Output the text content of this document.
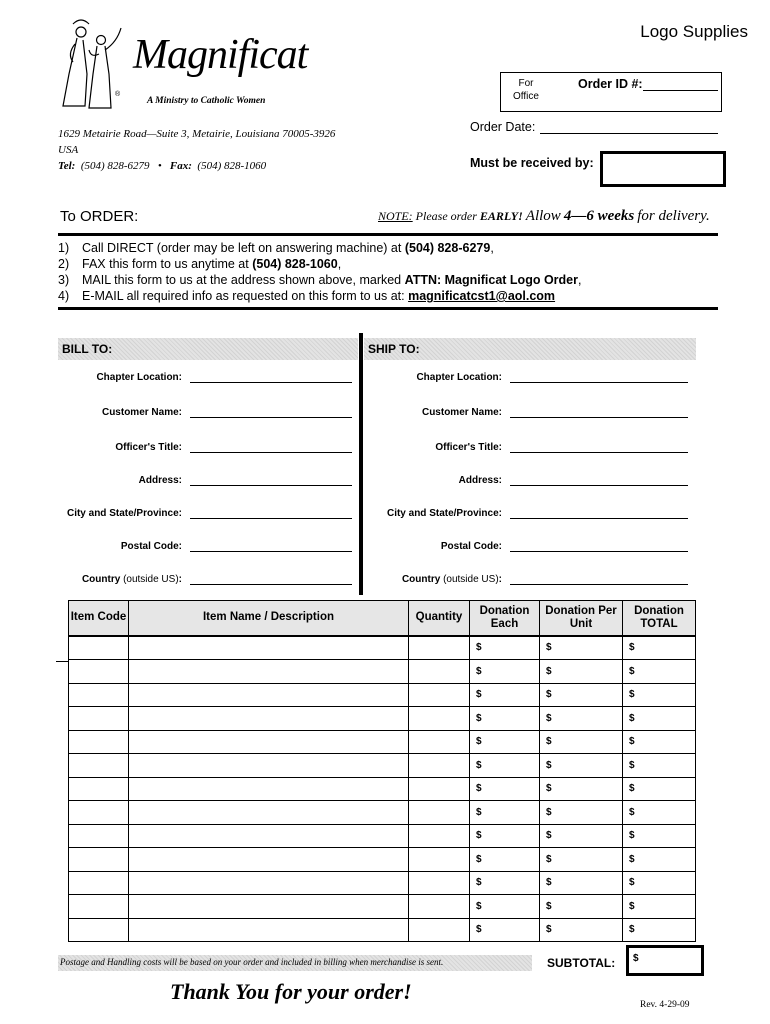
®
Magnificat
A Ministry to Catholic Women
Logo Supplies
For Office
Order ID #:
1629 Metairie Road—Suite 3, Metairie, Louisiana 70005-3926
USA
Tel: (504) 828-6279 • Fax: (504) 828-1060
Order Date:
Must be received by:
To ORDER:	NOTE: Please order EARLY! Allow 4—6 weeks for delivery.
1) Call DIRECT (order may be left on answering machine) at (504) 828-6279,
2) FAX this form to us anytime at (504) 828-1060,
3) MAIL this form to us at the address shown above, marked ATTN: Magnificat Logo Order,
4) E-MAIL all required info as requested on this form to us at: magnificatcst1@aol.com
BILL TO:	SHIP TO:
Chapter Location:
Customer Name:
Officer's Title:
Address:
City and State/Province:
Postal Code:
Country (outside US):
Chapter Location:
Customer Name:
Officer's Title:
Address:
City and State/Province:
Postal Code:
Country (outside US):
Item Code	Item Name / Description	Quantity	Donation Each	Donation Per Unit	Donation TOTAL
			$	$	$
			$	$	$
			$	$	$
			$	$	$
			$	$	$
			$	$	$
			$	$	$
			$	$	$
			$	$	$
			$	$	$
			$	$	$
			$	$	$
			$	$	$
Postage and Handling costs will be based on your order and included in billing when merchandise is sent.	SUBTOTAL: $
Thank You for your order!
Rev. 4-29-09
